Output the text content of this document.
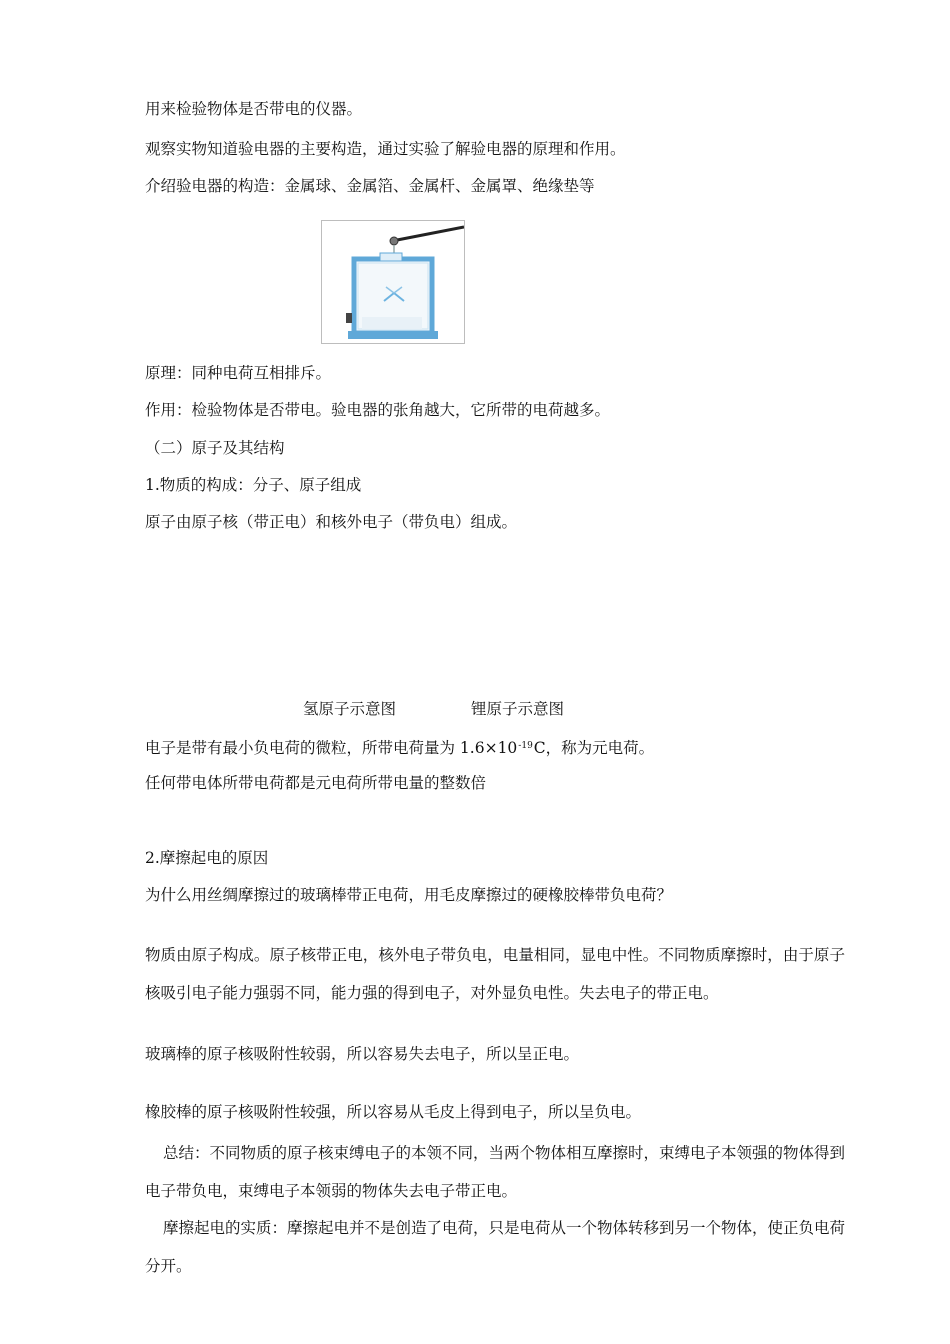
用来检验物体是否带电的仪器。
观察实物知道验电器的主要构造，通过实验了解验电器的原理和作用。
介绍验电器的构造：金属球、金属箔、金属杆、金属罩、绝缘垫等
原理：同种电荷互相排斥。
作用：检验物体是否带电。验电器的张角越大，它所带的电荷越多。
（二）原子及其结构
1.物质的构成：分子、原子组成
原子由原子核（带正电）和核外电子（带负电）组成。
氢原子示意图	锂原子示意图
电子是带有最小负电荷的微粒，所带电荷量为 $1.6\times 10^{-19}C$，称为元电荷。
任何带电体所带电荷都是元电荷所带电量的整数倍
2.摩擦起电的原因
为什么用丝绸摩擦过的玻璃棒带正电荷，用毛皮摩擦过的硬橡胶棒带负电荷？
物质由原子构成。原子核带正电，核外电子带负电，电量相同，显电中性。不同物质摩擦时，由于原子核吸引电子能力强弱不同，能力强的得到电子，对外显负电性。失去电子的带正电。
玻璃棒的原子核吸附性较弱，所以容易失去电子，所以呈正电。
橡胶棒的原子核吸附性较强，所以容易从毛皮上得到电子，所以呈负电。
总结：不同物质的原子核束缚电子的本领不同，当两个物体相互摩擦时，束缚电子本领强的物体得到电子带负电，束缚电子本领弱的物体失去电子带正电。
摩擦起电的实质：摩擦起电并不是创造了电荷，只是电荷从一个物体转移到另一个物体，使正负电荷分开。
